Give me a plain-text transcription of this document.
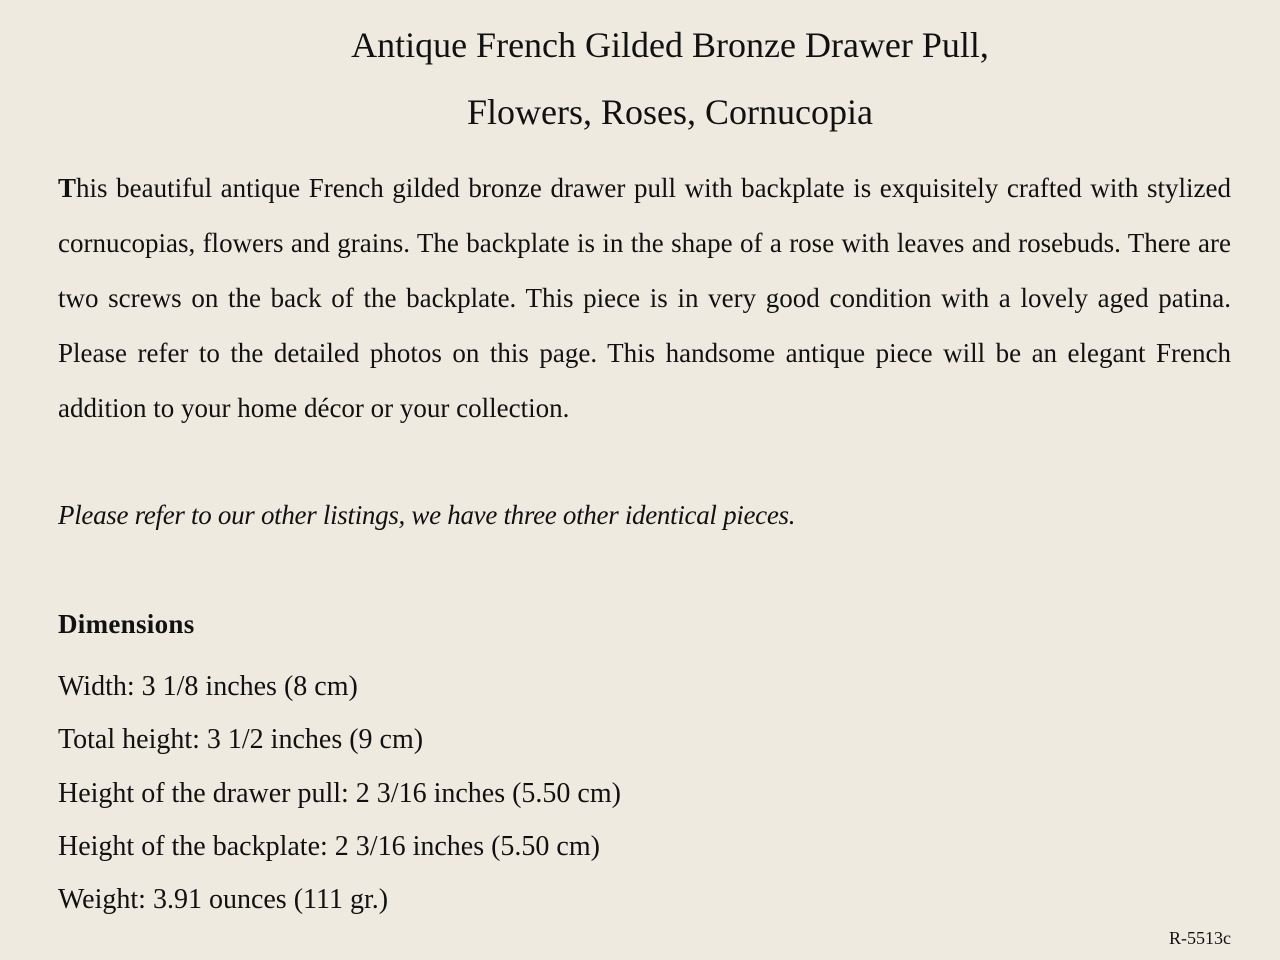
Antique French Gilded Bronze Drawer Pull,
Flowers, Roses, Cornucopia

This beautiful antique French gilded bronze drawer pull with backplate is exquisitely crafted with stylized cornucopias, flowers and grains. The backplate is in the shape of a rose with leaves and rosebuds. There are two screws on the back of the backplate. This piece is in very good condition with a lovely aged patina. Please refer to the detailed photos on this page. This handsome antique piece will be an elegant French addition to your home décor or your collection.

Please refer to our other listings, we have three other identical pieces.

Dimensions
Width: 3 1/8 inches (8 cm)
Total height: 3 1/2 inches (9 cm)
Height of the drawer pull: 2 3/16 inches (5.50 cm)
Height of the backplate: 2 3/16 inches (5.50 cm)
Weight: 3.91 ounces (111 gr.)

R-5513c
